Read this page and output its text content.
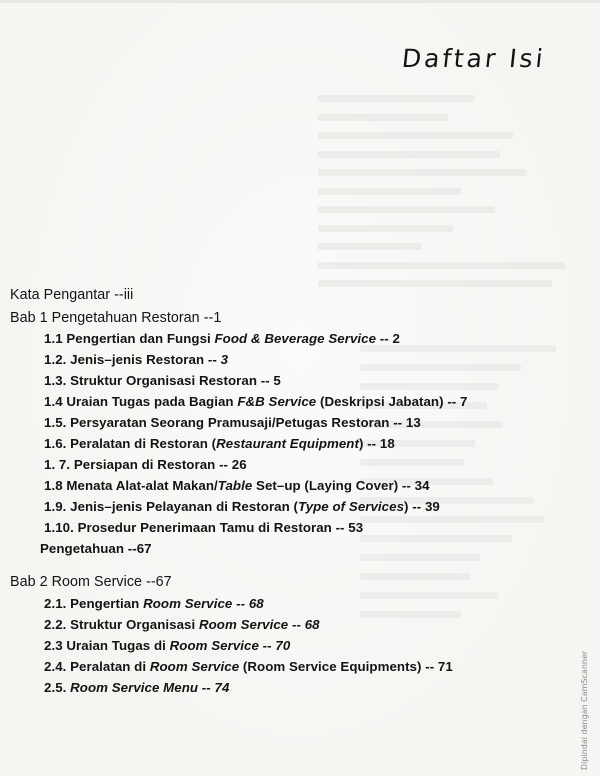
Daftar Isi
Kata Pengantar --iii
Bab 1 Pengetahuan Restoran --1
1.1 Pengertian dan Fungsi Food & Beverage Service -- 2
1.2. Jenis–jenis Restoran -- 3
1.3. Struktur Organisasi Restoran -- 5
1.4 Uraian Tugas pada Bagian F&B Service (Deskripsi Jabatan) -- 7
1.5. Persyaratan Seorang Pramusaji/Petugas Restoran -- 13
1.6. Peralatan di Restoran (Restaurant Equipment) -- 18
1. 7. Persiapan di Restoran -- 26
1.8 Menata Alat-alat Makan/Table Set–up (Laying Cover) -- 34
1.9. Jenis–jenis Pelayanan di Restoran (Type of Services) -- 39
1.10. Prosedur Penerimaan Tamu di Restoran -- 53
Pengetahuan --67
Bab 2 Room Service --67
2.1. Pengertian Room Service -- 68
2.2. Struktur Organisasi Room Service -- 68
2.3 Uraian Tugas di Room Service -- 70
2.4. Peralatan di Room Service (Room Service Equipments) -- 71
2.5. Room Service Menu -- 74	Dipindai dengan CamScanner
